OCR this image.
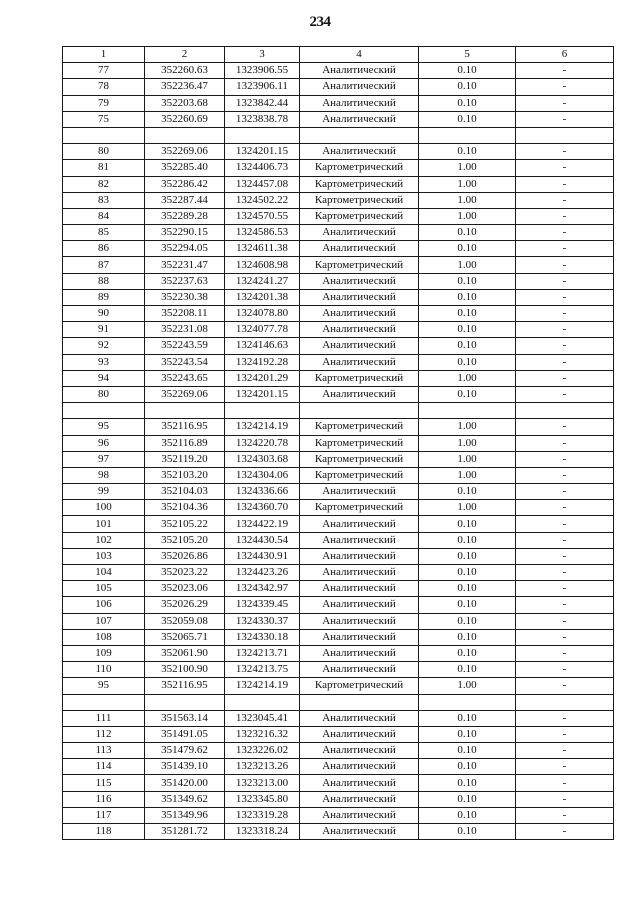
234
1	2	3	4	5	6
77	352260.63	1323906.55	Аналитический	0.10	-
78	352236.47	1323906.11	Аналитический	0.10	-
79	352203.68	1323842.44	Аналитический	0.10	-
75	352260.69	1323838.78	Аналитический	0.10	-

80	352269.06	1324201.15	Аналитический	0.10	-
81	352285.40	1324406.73	Картометрический	1.00	-
82	352286.42	1324457.08	Картометрический	1.00	-
83	352287.44	1324502.22	Картометрический	1.00	-
84	352289.28	1324570.55	Картометрический	1.00	-
85	352290.15	1324586.53	Аналитический	0.10	-
86	352294.05	1324611.38	Аналитический	0.10	-
87	352231.47	1324608.98	Картометрический	1.00	-
88	352237.63	1324241.27	Аналитический	0.10	-
89	352230.38	1324201.38	Аналитический	0.10	-
90	352208.11	1324078.80	Аналитический	0.10	-
91	352231.08	1324077.78	Аналитический	0.10	-
92	352243.59	1324146.63	Аналитический	0.10	-
93	352243.54	1324192.28	Аналитический	0.10	-
94	352243.65	1324201.29	Картометрический	1.00	-
80	352269.06	1324201.15	Аналитический	0.10	-

95	352116.95	1324214.19	Картометрический	1.00	-
96	352116.89	1324220.78	Картометрический	1.00	-
97	352119.20	1324303.68	Картометрический	1.00	-
98	352103.20	1324304.06	Картометрический	1.00	-
99	352104.03	1324336.66	Аналитический	0.10	-
100	352104.36	1324360.70	Картометрический	1.00	-
101	352105.22	1324422.19	Аналитический	0.10	-
102	352105.20	1324430.54	Аналитический	0.10	-
103	352026.86	1324430.91	Аналитический	0.10	-
104	352023.22	1324423.26	Аналитический	0.10	-
105	352023.06	1324342.97	Аналитический	0.10	-
106	352026.29	1324339.45	Аналитический	0.10	-
107	352059.08	1324330.37	Аналитический	0.10	-
108	352065.71	1324330.18	Аналитический	0.10	-
109	352061.90	1324213.71	Аналитический	0.10	-
110	352100.90	1324213.75	Аналитический	0.10	-
95	352116.95	1324214.19	Картометрический	1.00	-

111	351563.14	1323045.41	Аналитический	0.10	-
112	351491.05	1323216.32	Аналитический	0.10	-
113	351479.62	1323226.02	Аналитический	0.10	-
114	351439.10	1323213.26	Аналитический	0.10	-
115	351420.00	1323213.00	Аналитический	0.10	-
116	351349.62	1323345.80	Аналитический	0.10	-
117	351349.96	1323319.28	Аналитический	0.10	-
118	351281.72	1323318.24	Аналитический	0.10	-
